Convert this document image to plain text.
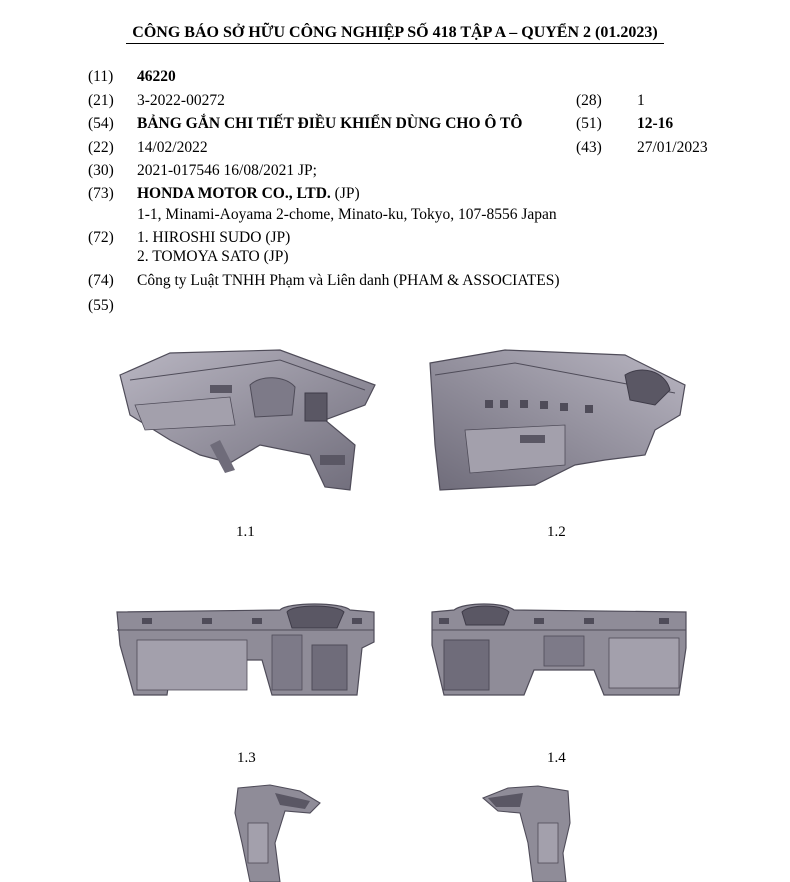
CÔNG BÁO SỞ HỮU CÔNG NGHIỆP SỐ 418 TẬP A – QUYỂN 2 (01.2023)
(11) 46220
(21) 3-2022-00272	(28) 1
(54) BẢNG GẮN CHI TIẾT ĐIỀU KHIỂN DÙNG CHO Ô TÔ	(51) 12-16
(22) 14/02/2022	(43) 27/01/2023
(30) 2021-017546 16/08/2021 JP;
(73) HONDA MOTOR CO., LTD. (JP)
1-1, Minami-Aoyama 2-chome, Minato-ku, Tokyo, 107-8556 Japan
(72) 1. HIROSHI SUDO (JP)
2. TOMOYA SATO (JP)
(74) Công ty Luật TNHH Phạm và Liên danh (PHAM & ASSOCIATES)
(55)
1.1	1.2
1.3	1.4
